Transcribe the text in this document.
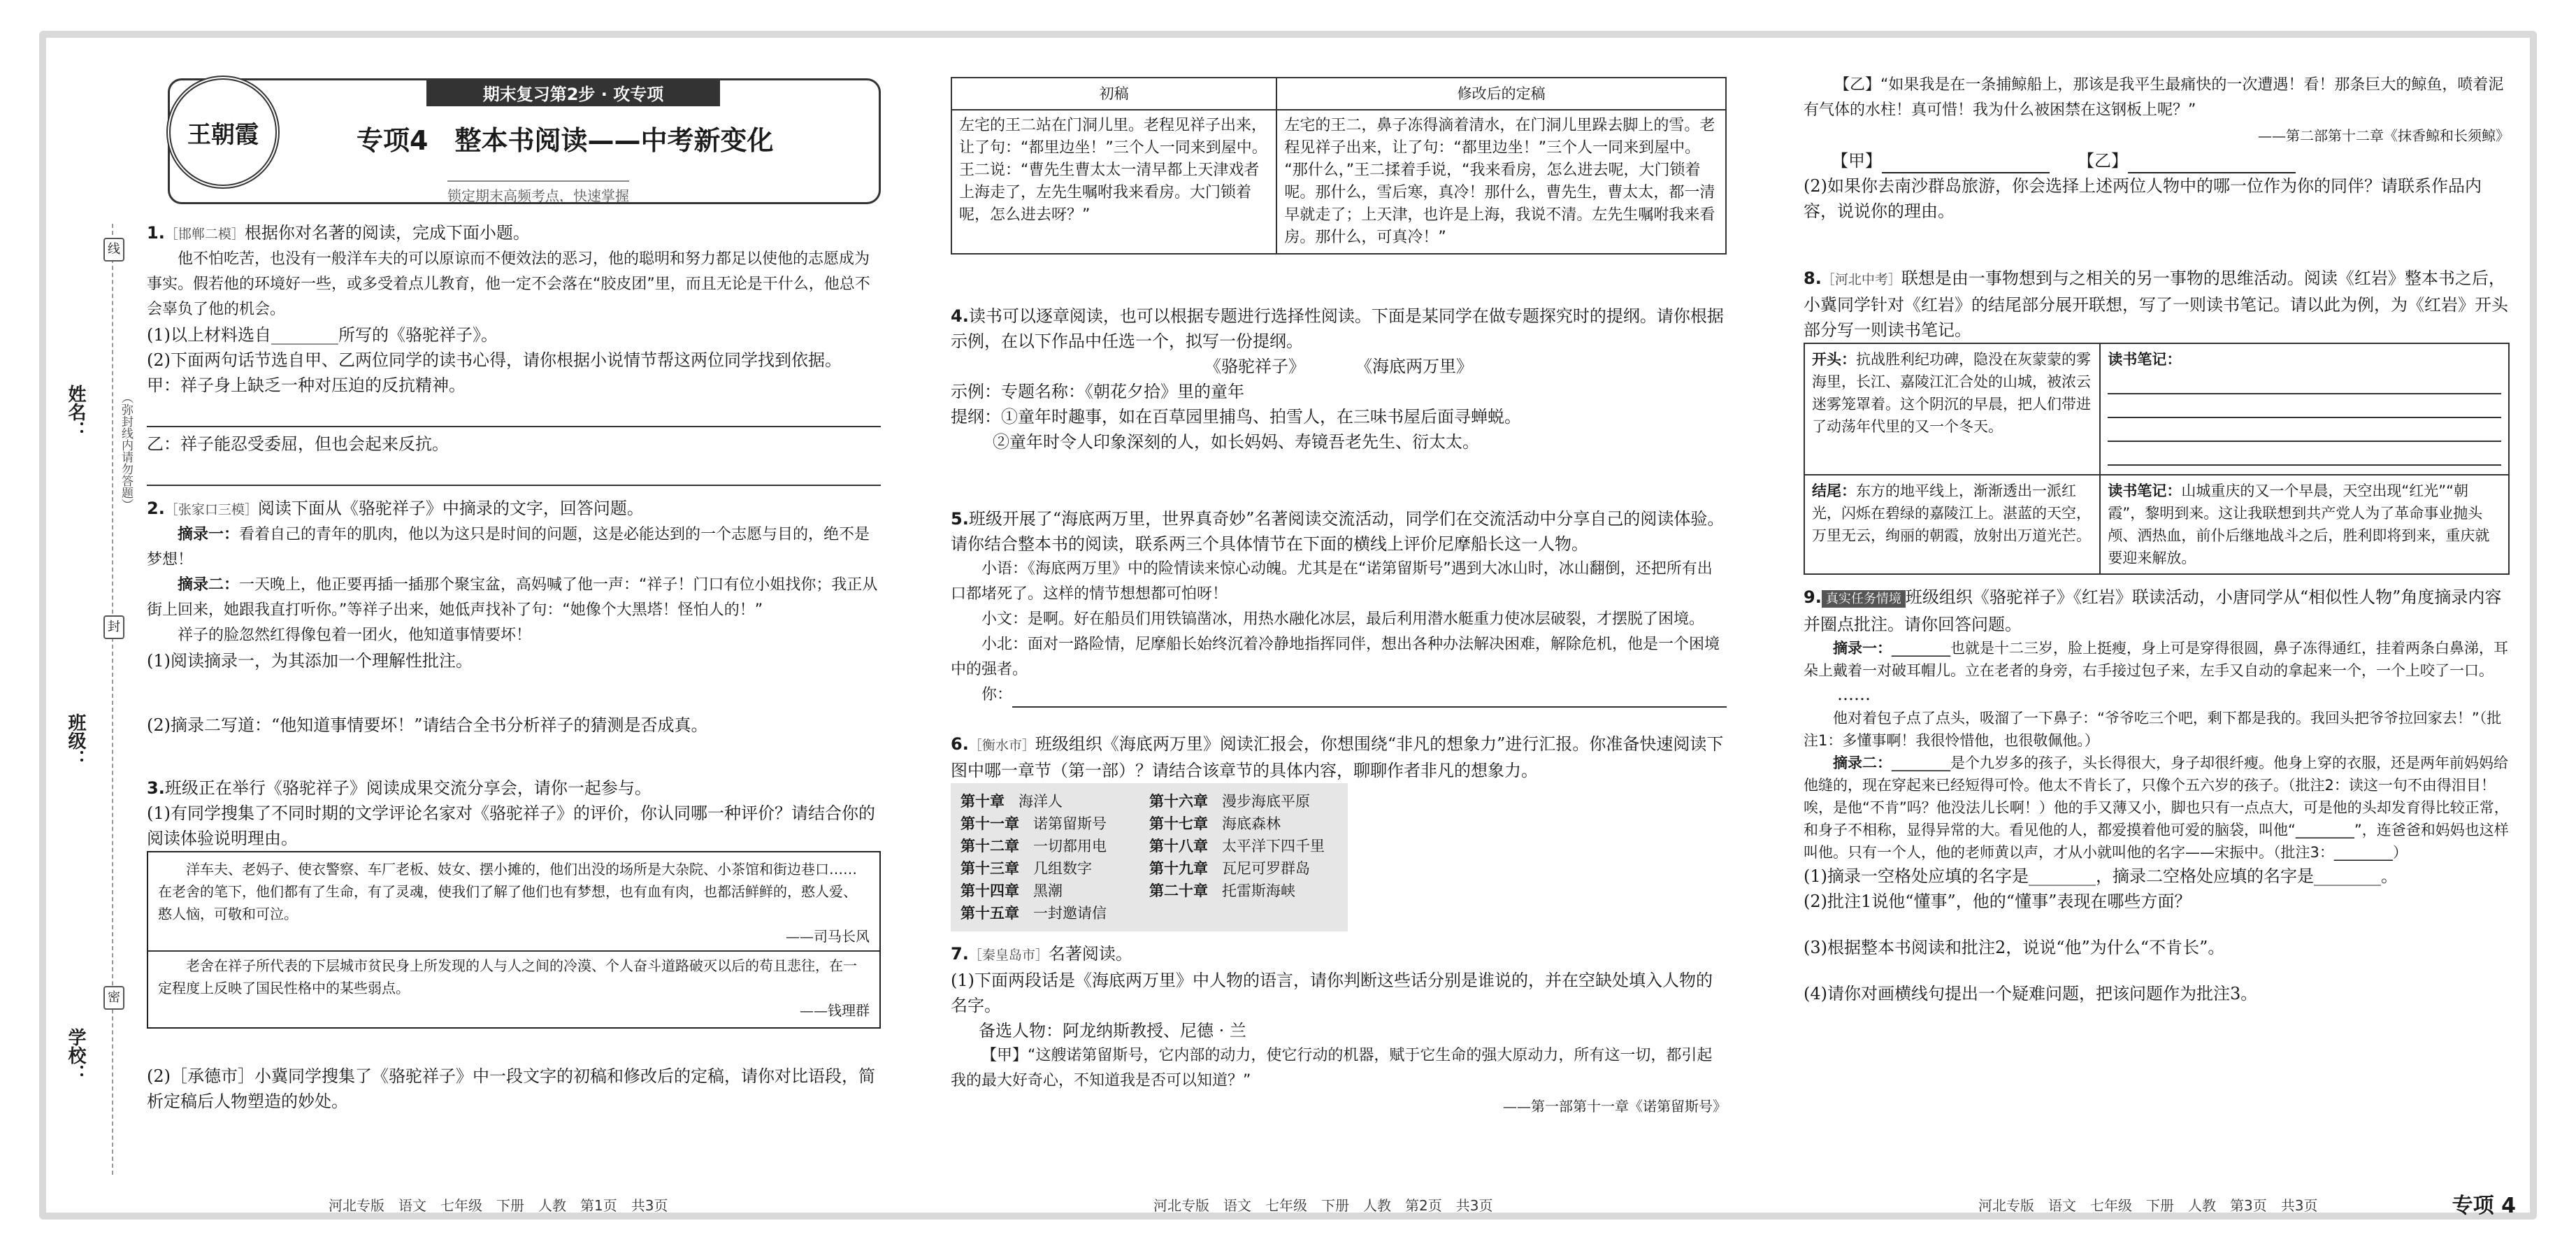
王朝霞
期末复习第2步 · 攻专项
专项4　整本书阅读——中考新变化
锁定期末高频考点，快速掌握
姓名：
班级：
学校：
线
封
密
（弥封线内请勿答题）
1.［邯郸二模］根据你对名著的阅读，完成下面小题。

他不怕吃苦，也没有一般洋车夫的可以原谅而不便效法的恶习，他的聪明和努力都足以使他的志愿成为事实。假若他的环境好一些，或多受着点儿教育，他一定不会落在“胶皮团”里，而且无论是干什么，他总不会辜负了他的机会。

(1)以上材料选自________所写的《骆驼祥子》。
(2)下面两句话节选自甲、乙两位同学的读书心得，请你根据小说情节帮这两位同学找到依据。
甲：祥子身上缺乏一种对压迫的反抗精神。
乙：祥子能忍受委屈，但也会起来反抗。
2.［张家口三模］阅读下面从《骆驼祥子》中摘录的文字，回答问题。

摘录一：看着自己的青年的肌肉，他以为这只是时间的问题，这是必能达到的一个志愿与目的，绝不是梦想！

摘录二：一天晚上，他正要再插一插那个聚宝盆，高妈喊了他一声：“祥子！门口有位小姐找你；我正从街上回来，她跟我直打听你。”等祥子出来，她低声找补了句：“她像个大黑塔！怪怕人的！”

祥子的脸忽然红得像包着一团火，他知道事情要坏！

(1)阅读摘录一，为其添加一个理解性批注。
(2)摘录二写道：“他知道事情要坏！”请结合全书分析祥子的猜测是否成真。
3.班级正在举行《骆驼祥子》阅读成果交流分享会，请你一起参与。
(1)有同学搜集了不同时期的文学评论名家对《骆驼祥子》的评价，你认同哪一种评价？请结合你的阅读体验说明理由。

洋车夫、老妈子、使衣警察、车厂老板、妓女、摆小摊的，他们出没的场所是大杂院、小茶馆和街边巷口……在老舍的笔下，他们都有了生命，有了灵魂，使我们了解了他们也有梦想，也有血有肉，也都活鲜鲜的，憨人爱、憨人恼，可敬和可泣。

——司马长风

老舍在祥子所代表的下层城市贫民身上所发现的人与人之间的冷漠、个人奋斗道路破灭以后的苟且悲往，在一定程度上反映了国民性格中的某些弱点。

——钱理群
(2)［承德市］小冀同学搜集了《骆驼祥子》中一段文字的初稿和修改后的定稿，请你对比语段，简析定稿后人物塑造的妙处。
河北专版　语文　七年级　下册　人教　第1页　共3页
初稿	修改后的定稿
左宅的王二站在门洞儿里。老程见祥子出来，让了句：“都里边坐！”三个人一同来到屋中。 王二说：“曹先生曹太太一清早都上天津戏者上海走了，左先生嘱咐我来看房。大门锁着呢，怎么进去呀？”	左宅的王二，鼻子冻得滴着清水，在门洞儿里跺去脚上的雪。老程见祥子出来，让了句：“都里边坐！”三个人一同来到屋中。 “那什么，”王二揉着手说，“我来看房，怎么进去呢，大门锁着呢。那什么，雪后寒，真冷！那什么，曹先生，曹太太，都一清早就走了；上天津，也许是上海，我说不清。左先生嘱咐我来看房。那什么，可真冷！”
4.读书可以逐章阅读，也可以根据专题进行选择性阅读。下面是某同学在做专题探究时的提纲。请你根据示例，在以下作品中任选一个，拟写一份提纲。
《骆驼祥子》　　　　《海底两万里》
示例：专题名称：《朝花夕拾》里的童年
提纲：①童年时趣事，如在百草园里捕鸟、拍雪人，在三味书屋后面寻蝉蜕。
②童年时令人印象深刻的人，如长妈妈、寿镜吾老先生、衍太太。
5.班级开展了“海底两万里，世界真奇妙”名著阅读交流活动，同学们在交流活动中分享自己的阅读体验。请你结合整本书的阅读，联系两三个具体情节在下面的横线上评价尼摩船长这一人物。

小语：《海底两万里》中的险情读来惊心动魄。尤其是在“诺第留斯号”遇到大冰山时，冰山翻倒，还把所有出口都堵死了。这样的情节想想都可怕呀！

小文：是啊。好在船员们用铁镐凿冰，用热水融化冰层，最后利用潜水艇重力使冰层破裂，才摆脱了困境。

小北：面对一路险情，尼摩船长始终沉着冷静地指挥同伴，想出各种办法解决困难，解除危机，他是一个困境中的强者。

你：
6.［衡水市］班级组织《海底两万里》阅读汇报会，你想围绕“非凡的想象力”进行汇报。你准备快速阅读下图中哪一章节（第一部）？请结合该章节的具体内容，聊聊作者非凡的想象力。
第十章 海洋人	第十六章 漫步海底平原
第十一章 诺第留斯号	第十七章 海底森林
第十二章 一切都用电	第十八章 太平洋下四千里
第十三章 几组数字	第十九章 瓦尼可罗群岛
第十四章 黑潮	第二十章 托雷斯海峡
第十五章 一封邀请信
7.［秦皇岛市］名著阅读。
(1)下面两段话是《海底两万里》中人物的语言，请你判断这些话分别是谁说的，并在空缺处填入人物的名字。
备选人物：阿龙纳斯教授、尼德 · 兰

【甲】“这艘诺第留斯号，它内部的动力，使它行动的机器，赋于它生命的强大原动力，所有这一切，都引起我的最大好奇心，不知道我是否可以知道？”

——第一部第十一章《诺第留斯号》
河北专版　语文　七年级　下册　人教　第2页　共3页

【乙】“如果我是在一条捕鲸船上，那该是我平生最痛快的一次遭遇！看！那条巨大的鲸鱼，喷着泥有气体的水柱！真可惜！我为什么被困禁在这钢板上呢？”

——第二部第十二章《抹香鲸和长须鲸》
【甲】	【乙】
(2)如果你去南沙群岛旅游，你会选择上述两位人物中的哪一位作为你的同伴？请联系作品内容，说说你的理由。
8.［河北中考］联想是由一事物想到与之相关的另一事物的思维活动。阅读《红岩》整本书之后，小冀同学针对《红岩》的结尾部分展开联想，写了一则读书笔记。请以此为例，为《红岩》开头部分写一则读书笔记。
开头：抗战胜利纪功碑，隐没在灰蒙蒙的雾海里，长江、嘉陵江汇合处的山城，被浓云迷雾笼罩着。这个阴沉的早晨，把人们带进了动荡年代里的又一个冬天。	读书笔记：

结尾：东方的地平线上，渐渐透出一派红光，闪烁在碧绿的嘉陵江上。湛蓝的天空，万里无云，绚丽的朝霞，放射出万道光芒。	读书笔记：山城重庆的又一个早晨，天空出现“红光”“朝霞”，黎明到来。这让我联想到共产党人为了革命事业抛头颅、洒热血，前仆后继地战斗之后，胜利即将到来，重庆就要迎来解放。
9. 真实任务情境 班级组织《骆驼祥子》《红岩》联读活动，小唐同学从“相似性人物”角度摘录内容并圈点批注。请你回答问题。

摘录一：________也就是十二三岁，脸上挺瘦，身上可是穿得很圆，鼻子冻得通红，挂着两条白鼻涕，耳朵上戴着一对破耳帽儿。立在老者的身旁，右手接过包子来，左手又自动的拿起来一个，一个上咬了一口。

……

他对着包子点了点头，吸溜了一下鼻子：“爷爷吃三个吧，剩下都是我的。我回头把爷爷拉回家去！”（批注1：多懂事啊！我很怜惜他，也很敬佩他。）

摘录二：________是个九岁多的孩子，头长得很大，身子却很纤瘦。他身上穿的衣服，还是两年前妈妈给他缝的，现在穿起来已经短得可怜。他太不肯长了，只像个五六岁的孩子。（批注2：读这一句不由得泪目！唉，是他“不肯”吗？他没法儿长啊！）他的手又薄又小，脚也只有一点点大，可是他的头却发育得比较正常，和身子不相称，显得异常的大。看见他的人，都爱摸着他可爱的脑袋，叫他“________”，连爸爸和妈妈也这样叫他。只有一个人，他的老师黄以声，才从小就叫他的名字——宋振中。（批注3：________）

(1)摘录一空格处应填的名字是________，摘录二空格处应填的名字是________。
(2)批注1说他“懂事”，他的“懂事”表现在哪些方面？
(3)根据整本书阅读和批注2，说说“他”为什么“不肯长”。
(4)请你对画横线句提出一个疑难问题，把该问题作为批注3。
河北专版　语文　七年级　下册　人教　第3页　共3页	专项 4
